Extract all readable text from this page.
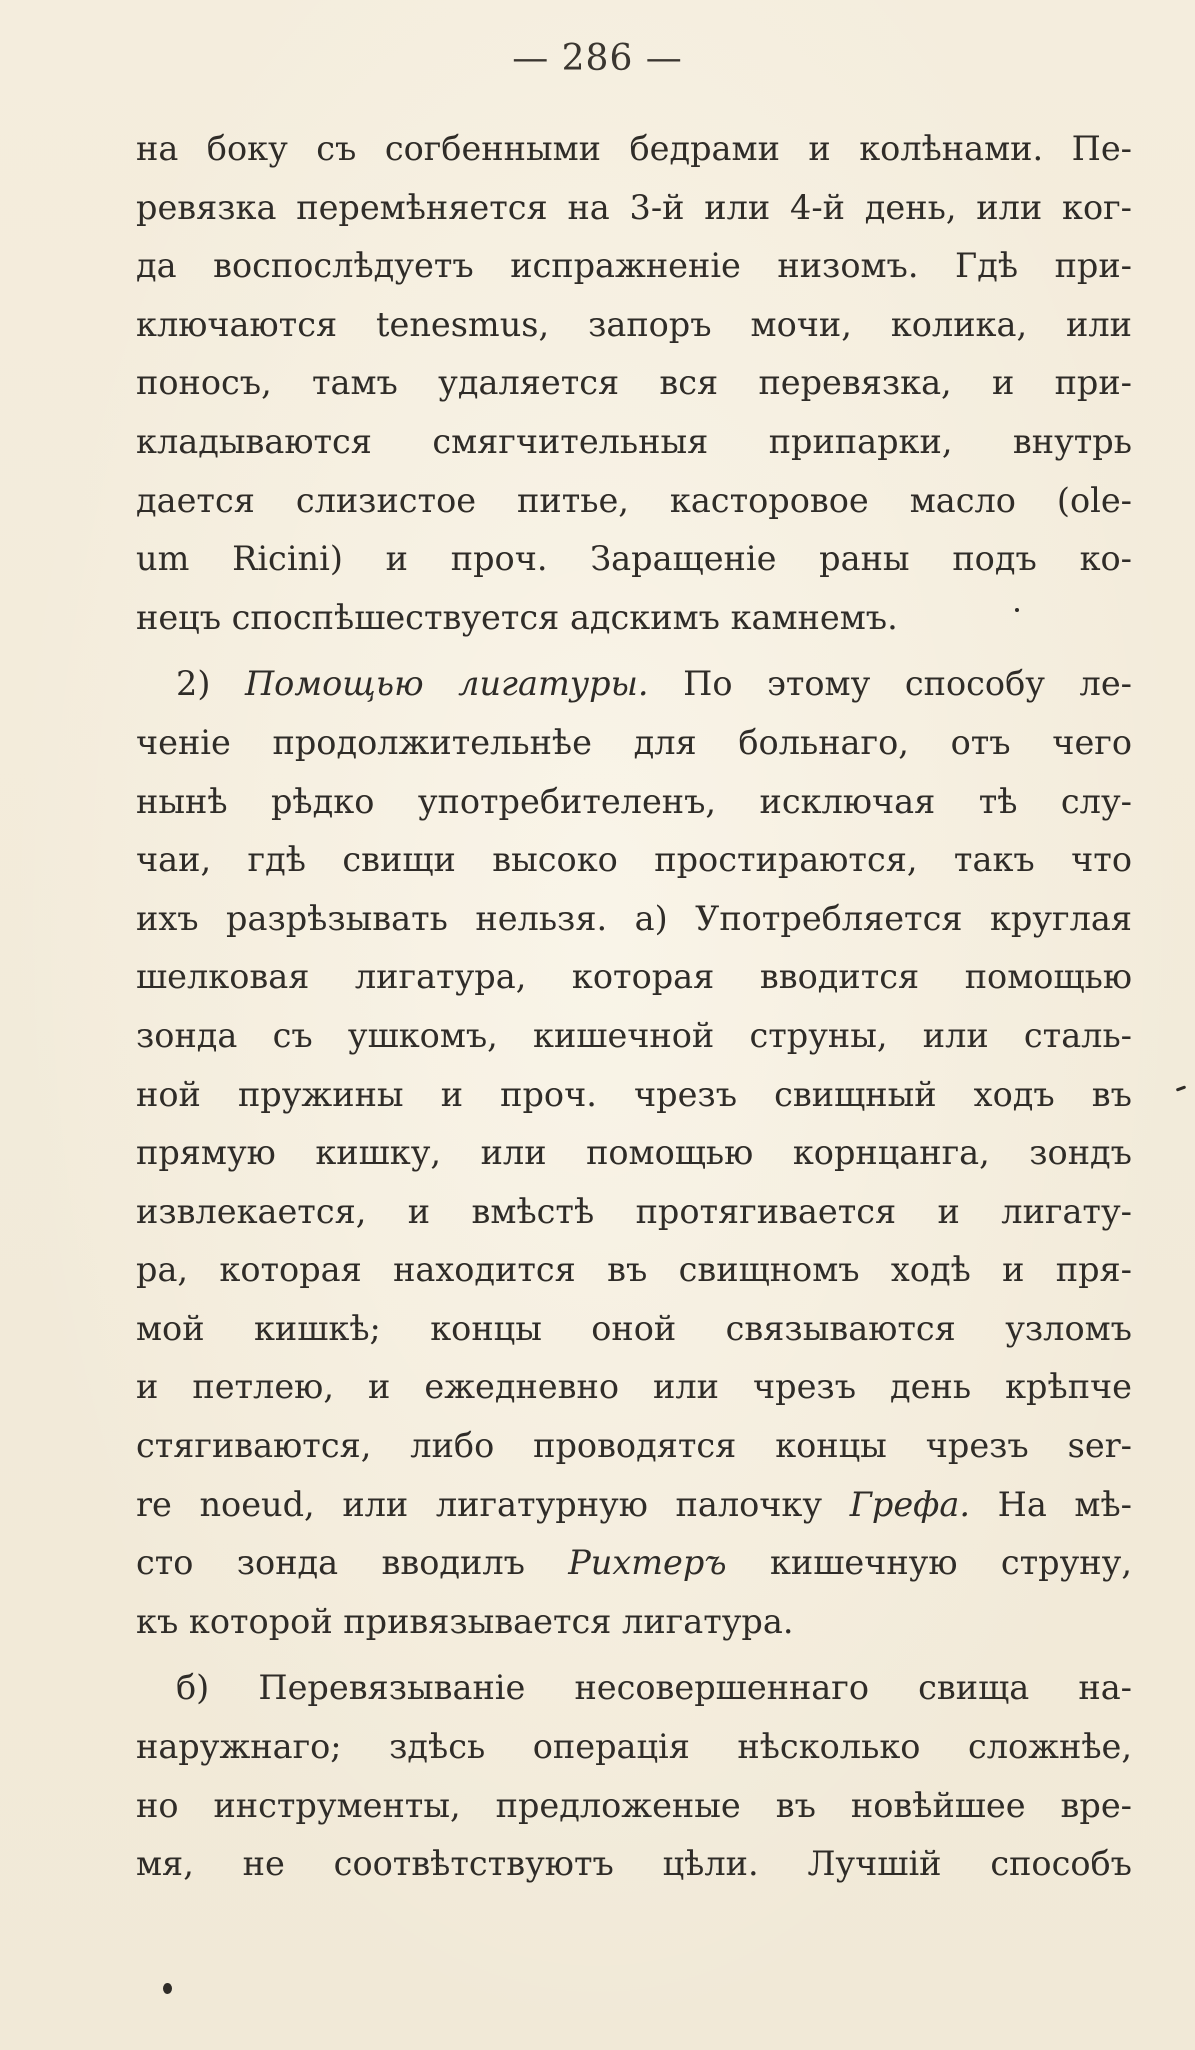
— 286 —
на боку съ согбенными бедрами и колѣнами. Пе-
ревязка перемѣняется на 3-й или 4-й день, или ког-
да воспослѣдуетъ испражненіе низомъ. Гдѣ при-
ключаются tenesmus, запоръ мочи, колика, или
поносъ, тамъ удаляется вся перевязка, и при-
кладываются смягчительныя припарки, внутрь
дается слизистое питье, касторовое масло (ole-
um Ricini) и проч. Заращеніе раны подъ ко-
нецъ споспѣшествуется адскимъ камнемъ.
2) Помощью лигатуры. По этому способу ле-
ченіе продолжительнѣе для больнаго, отъ чего
нынѣ рѣдко употребителенъ, исключая тѣ слу-
чаи, гдѣ свищи высоко простираются, такъ что
ихъ разрѣзывать нельзя. а) Употребляется круглая
шелковая лигатура, которая вводится помощью
зонда съ ушкомъ, кишечной струны, или сталь-
ной пружины и проч. чрезъ свищный ходъ въ
прямую кишку, или помощью корнцанга, зондъ
извлекается, и вмѣстѣ протягивается и лигату-
ра, которая находится въ свищномъ ходѣ и пря-
мой кишкѣ; концы оной связываются узломъ
и петлею, и ежедневно или чрезъ день крѣпче
стягиваются, либо проводятся концы чрезъ ser-
re noeud, или лигатурную палочку Грефа. На мѣ-
сто зонда вводилъ Рихтеръ кишечную струну,
къ которой привязывается лигатура.
б) Перевязываніе несовершеннаго свища на-
наружнаго; здѣсь операція нѣсколько сложнѣе,
но инструменты, предложеные въ новѣйшее вре-
мя, не соотвѣтствуютъ цѣли. Лучшій способъ
